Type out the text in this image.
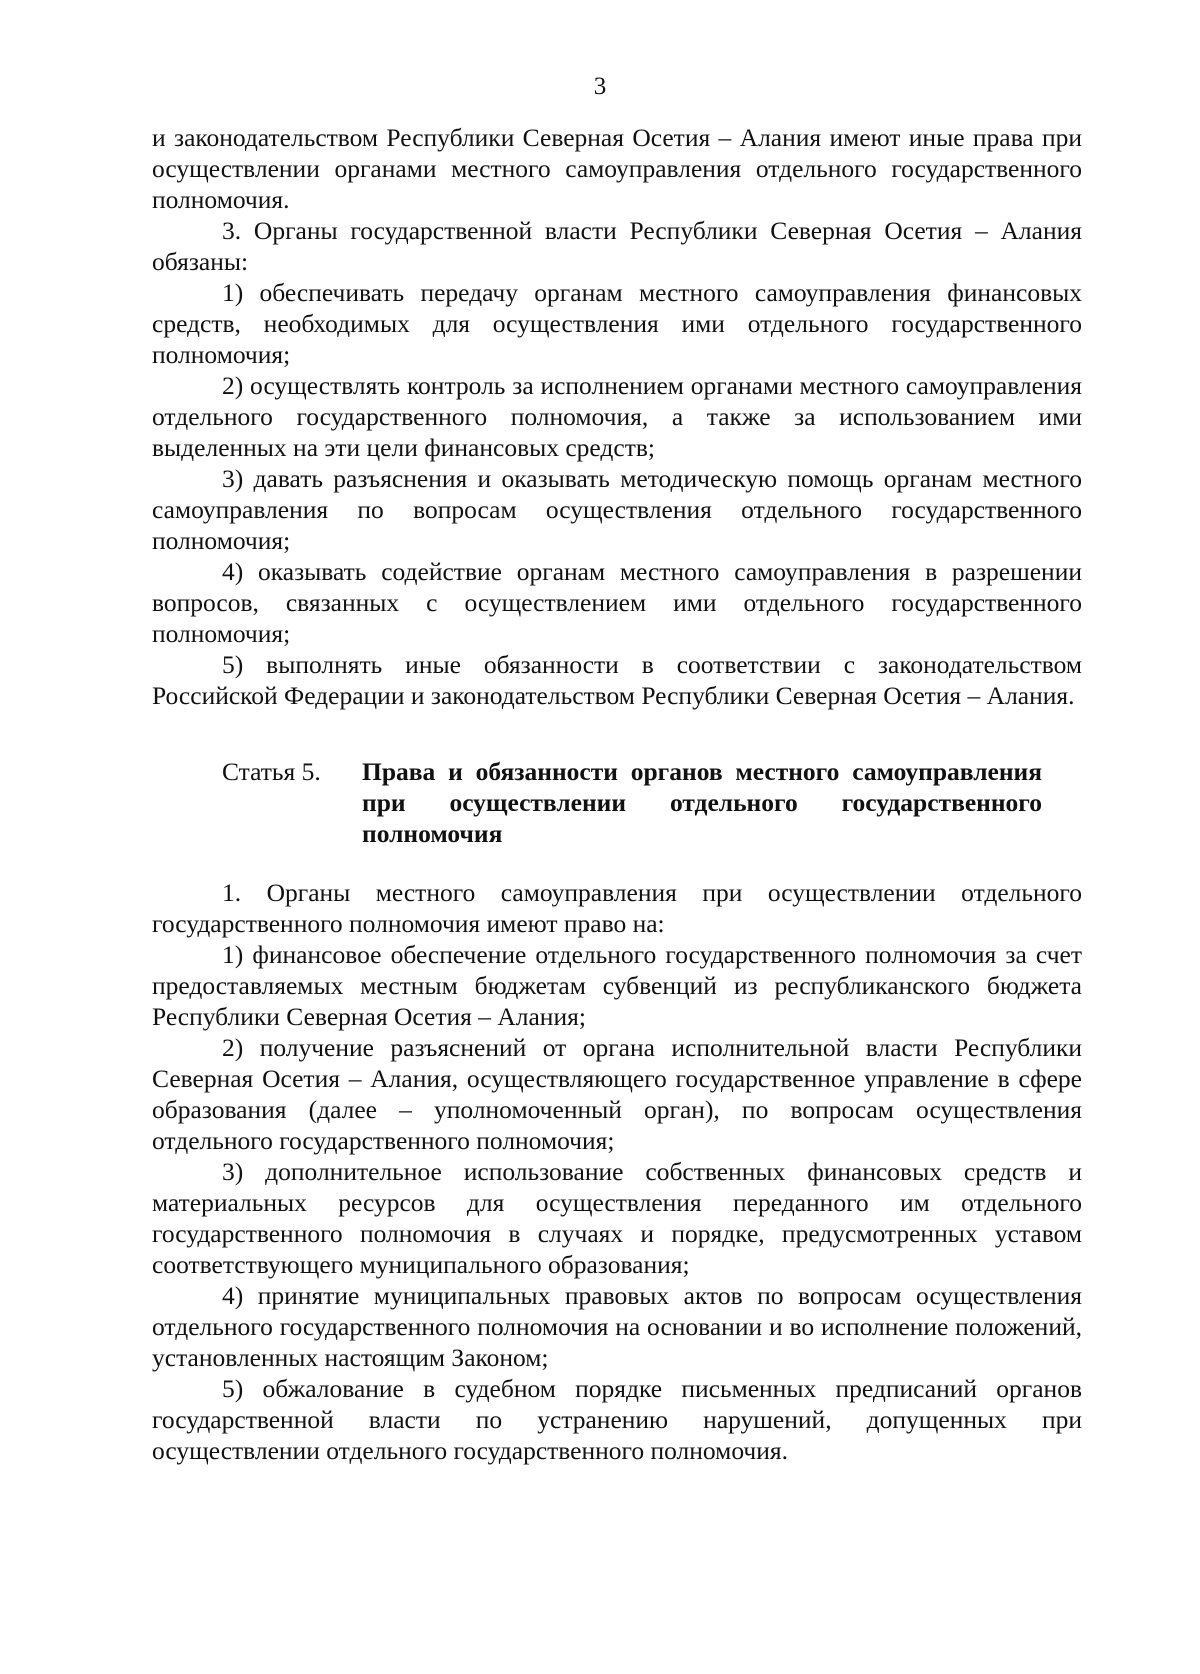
3

и законодательством Республики Северная Осетия – Алания имеют иные права при осуществлении органами местного самоуправления отдельного государственного полномочия.

3. Органы государственной власти Республики Северная Осетия – Алания обязаны:

1) обеспечивать передачу органам местного самоуправления финансовых средств, необходимых для осуществления ими отдельного государственного полномочия;

2) осуществлять контроль за исполнением органами местного самоуправления отдельного государственного полномочия, а также за использованием ими выделенных на эти цели финансовых средств;

3) давать разъяснения и оказывать методическую помощь органам местного самоуправления по вопросам осуществления отдельного государственного полномочия;

4) оказывать содействие органам местного самоуправления в разрешении вопросов, связанных с осуществлением ими отдельного государственного полномочия;

5) выполнять иные обязанности в соответствии с законодательством Российской Федерации и законодательством Республики Северная Осетия – Алания.

Статья 5.	Права и обязанности органов местного самоуправления при осуществлении отдельного государственного полномочия

1. Органы местного самоуправления при осуществлении отдельного государственного полномочия имеют право на:

1) финансовое обеспечение отдельного государственного полномочия за счет предоставляемых местным бюджетам субвенций из республиканского бюджета Республики Северная Осетия – Алания;

2) получение разъяснений от органа исполнительной власти Республики Северная Осетия – Алания, осуществляющего государственное управление в сфере образования (далее – уполномоченный орган), по вопросам осуществления отдельного государственного полномочия;

3) дополнительное использование собственных финансовых средств и материальных ресурсов для осуществления переданного им отдельного государственного полномочия в случаях и порядке, предусмотренных уставом соответствующего муниципального образования;

4) принятие муниципальных правовых актов по вопросам осуществления отдельного государственного полномочия на основании и во исполнение положений, установленных настоящим Законом;

5) обжалование в судебном порядке письменных предписаний органов государственной власти по устранению нарушений, допущенных при осуществлении отдельного государственного полномочия.
